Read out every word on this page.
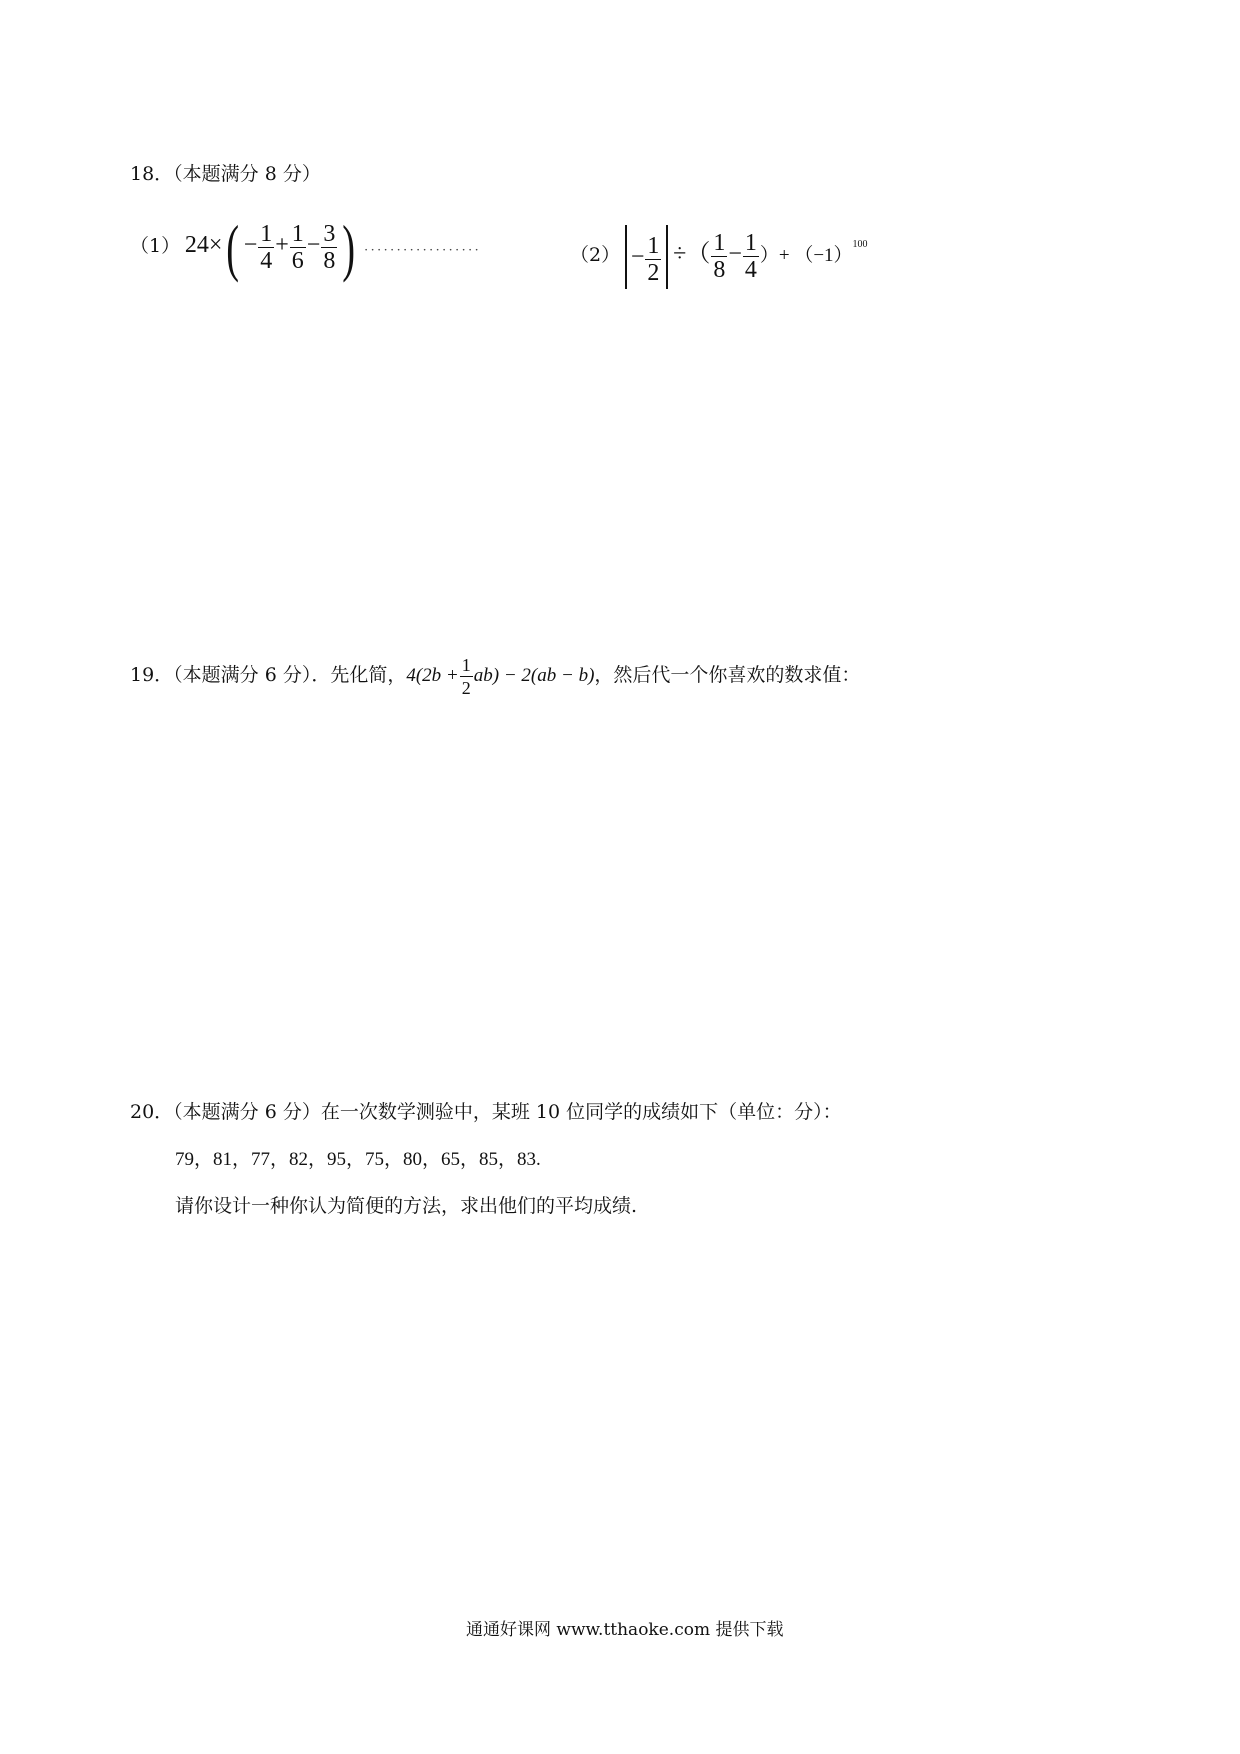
18．（本题满分 8 分）
（1） $24\times( - \frac{1}{4} + \frac{1}{6} - \frac{3}{8}$ ) ..................	$(2) - \frac{1}{2}$ ÷（ $\frac{1}{8} - \frac{1}{4}$ ）+ $(-1)^{100}$
19．（本题满分 6 分）．先化简，$4(2b + \frac{1}{2} ab) - 2(ab - b)$，然后代一个你喜欢的数求值：
20．（本题满分 6 分）在一次数学测验中，某班 10 位同学的成绩如下（单位：分）：
79，81，77，82，95，75，80，65，85，83.
请你设计一种你认为简便的方法，求出他们的平均成绩.
通通好课网 www.tthaoke.com 提供下载
